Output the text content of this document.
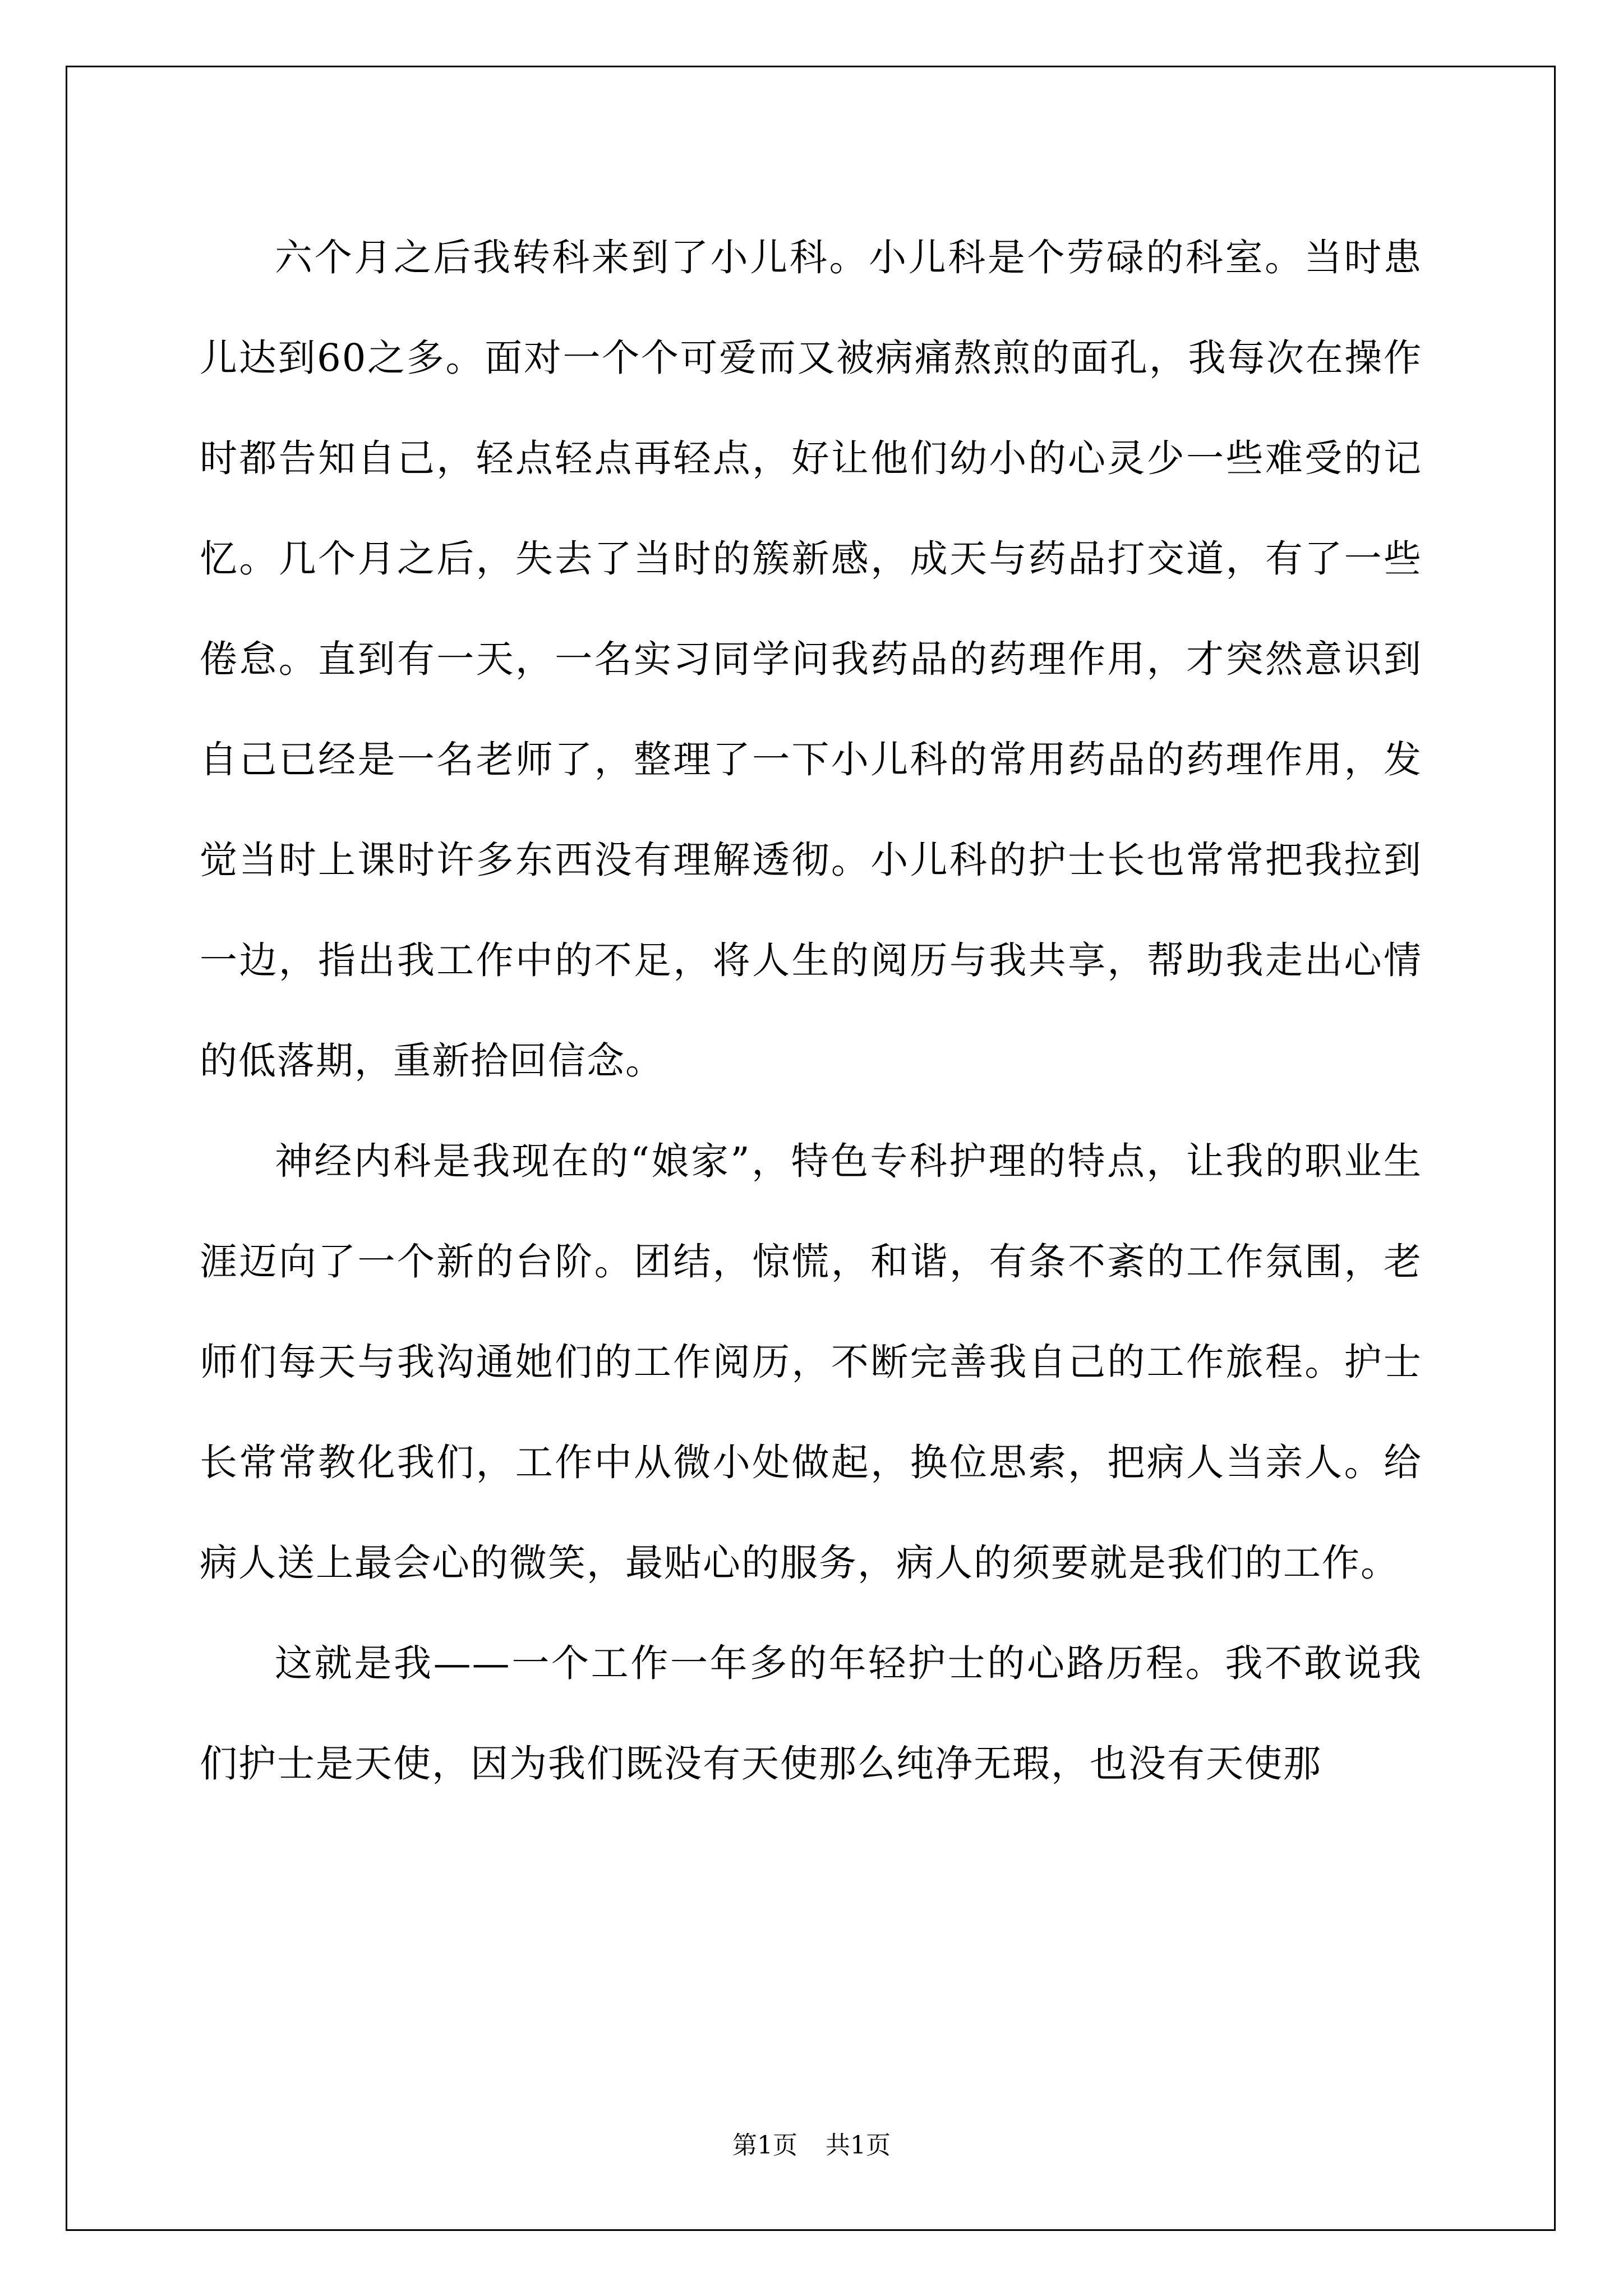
六个月之后我转科来到了小儿科。小儿科是个劳碌的科室。当时患儿达到60之多。面对一个个可爱而又被病痛熬煎的面孔，我每次在操作时都告知自己，轻点轻点再轻点，好让他们幼小的心灵少一些难受的记忆。几个月之后，失去了当时的簇新感，成天与药品打交道，有了一些倦怠。直到有一天，一名实习同学问我药品的药理作用，才突然意识到自己已经是一名老师了，整理了一下小儿科的常用药品的药理作用，发觉当时上课时许多东西没有理解透彻。小儿科的护士长也常常把我拉到一边，指出我工作中的不足，将人生的阅历与我共享，帮助我走出心情的低落期，重新拾回信念。

神经内科是我现在的“娘家”，特色专科护理的特点，让我的职业生涯迈向了一个新的台阶。团结，惊慌，和谐，有条不紊的工作氛围，老师们每天与我沟通她们的工作阅历，不断完善我自己的工作旅程。护士长常常教化我们，工作中从微小处做起，换位思索，把病人当亲人。给病人送上最会心的微笑，最贴心的服务，病人的须要就是我们的工作。

这就是我——一个工作一年多的年轻护士的心路历程。我不敢说我们护士是天使，因为我们既没有天使那么纯净无瑕，也没有天使那

第1页 共1页
